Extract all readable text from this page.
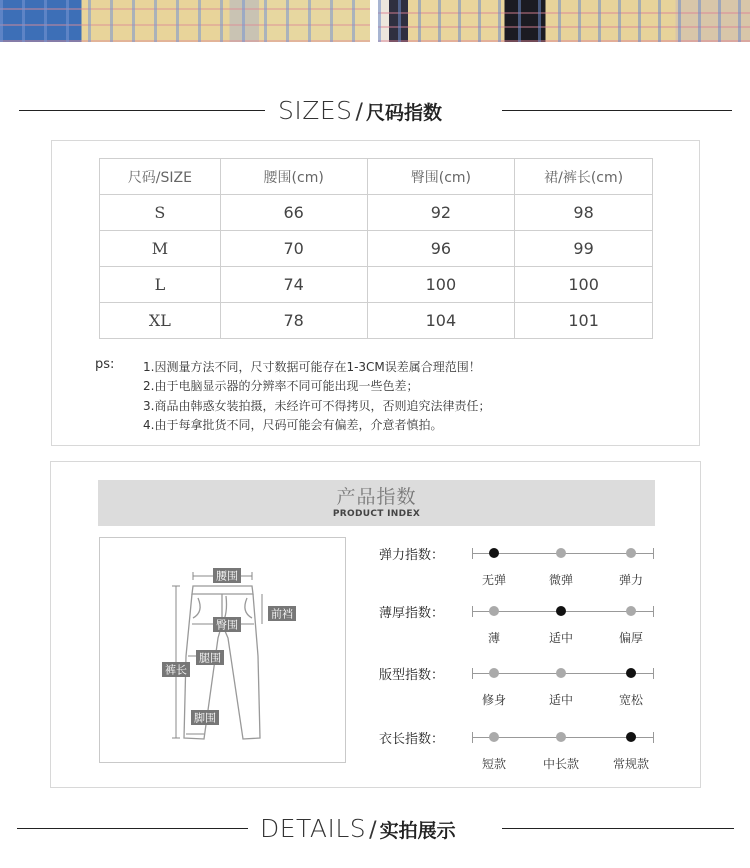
SIZES / 尺码指数
尺码/SIZE	腰围(cm)	臀围(cm)	裙/裤长(cm)
S	66	92	98
M	70	96	99
L	74	100	100
XL	78	104	101
ps: 1.因测量方法不同，尺寸数据可能存在1-3CM误差属合理范围！
2.由于电脑显示器的分辨率不同可能出现一些色差；
3.商品由韩惑女装拍摄，未经许可不得拷贝，否则追究法律责任；
4.由于每拿批货不同，尺码可能会有偏差，介意者慎拍。
产品指数
PRODUCT INDEX
腰围
前裆
臀围
腿围
裤长
脚围
弹力指数：
无弹	微弹	弹力
薄厚指数：
薄	适中	偏厚
版型指数：
修身	适中	宽松
衣长指数：
短款	中长款	常规款
DETAILS / 实拍展示
